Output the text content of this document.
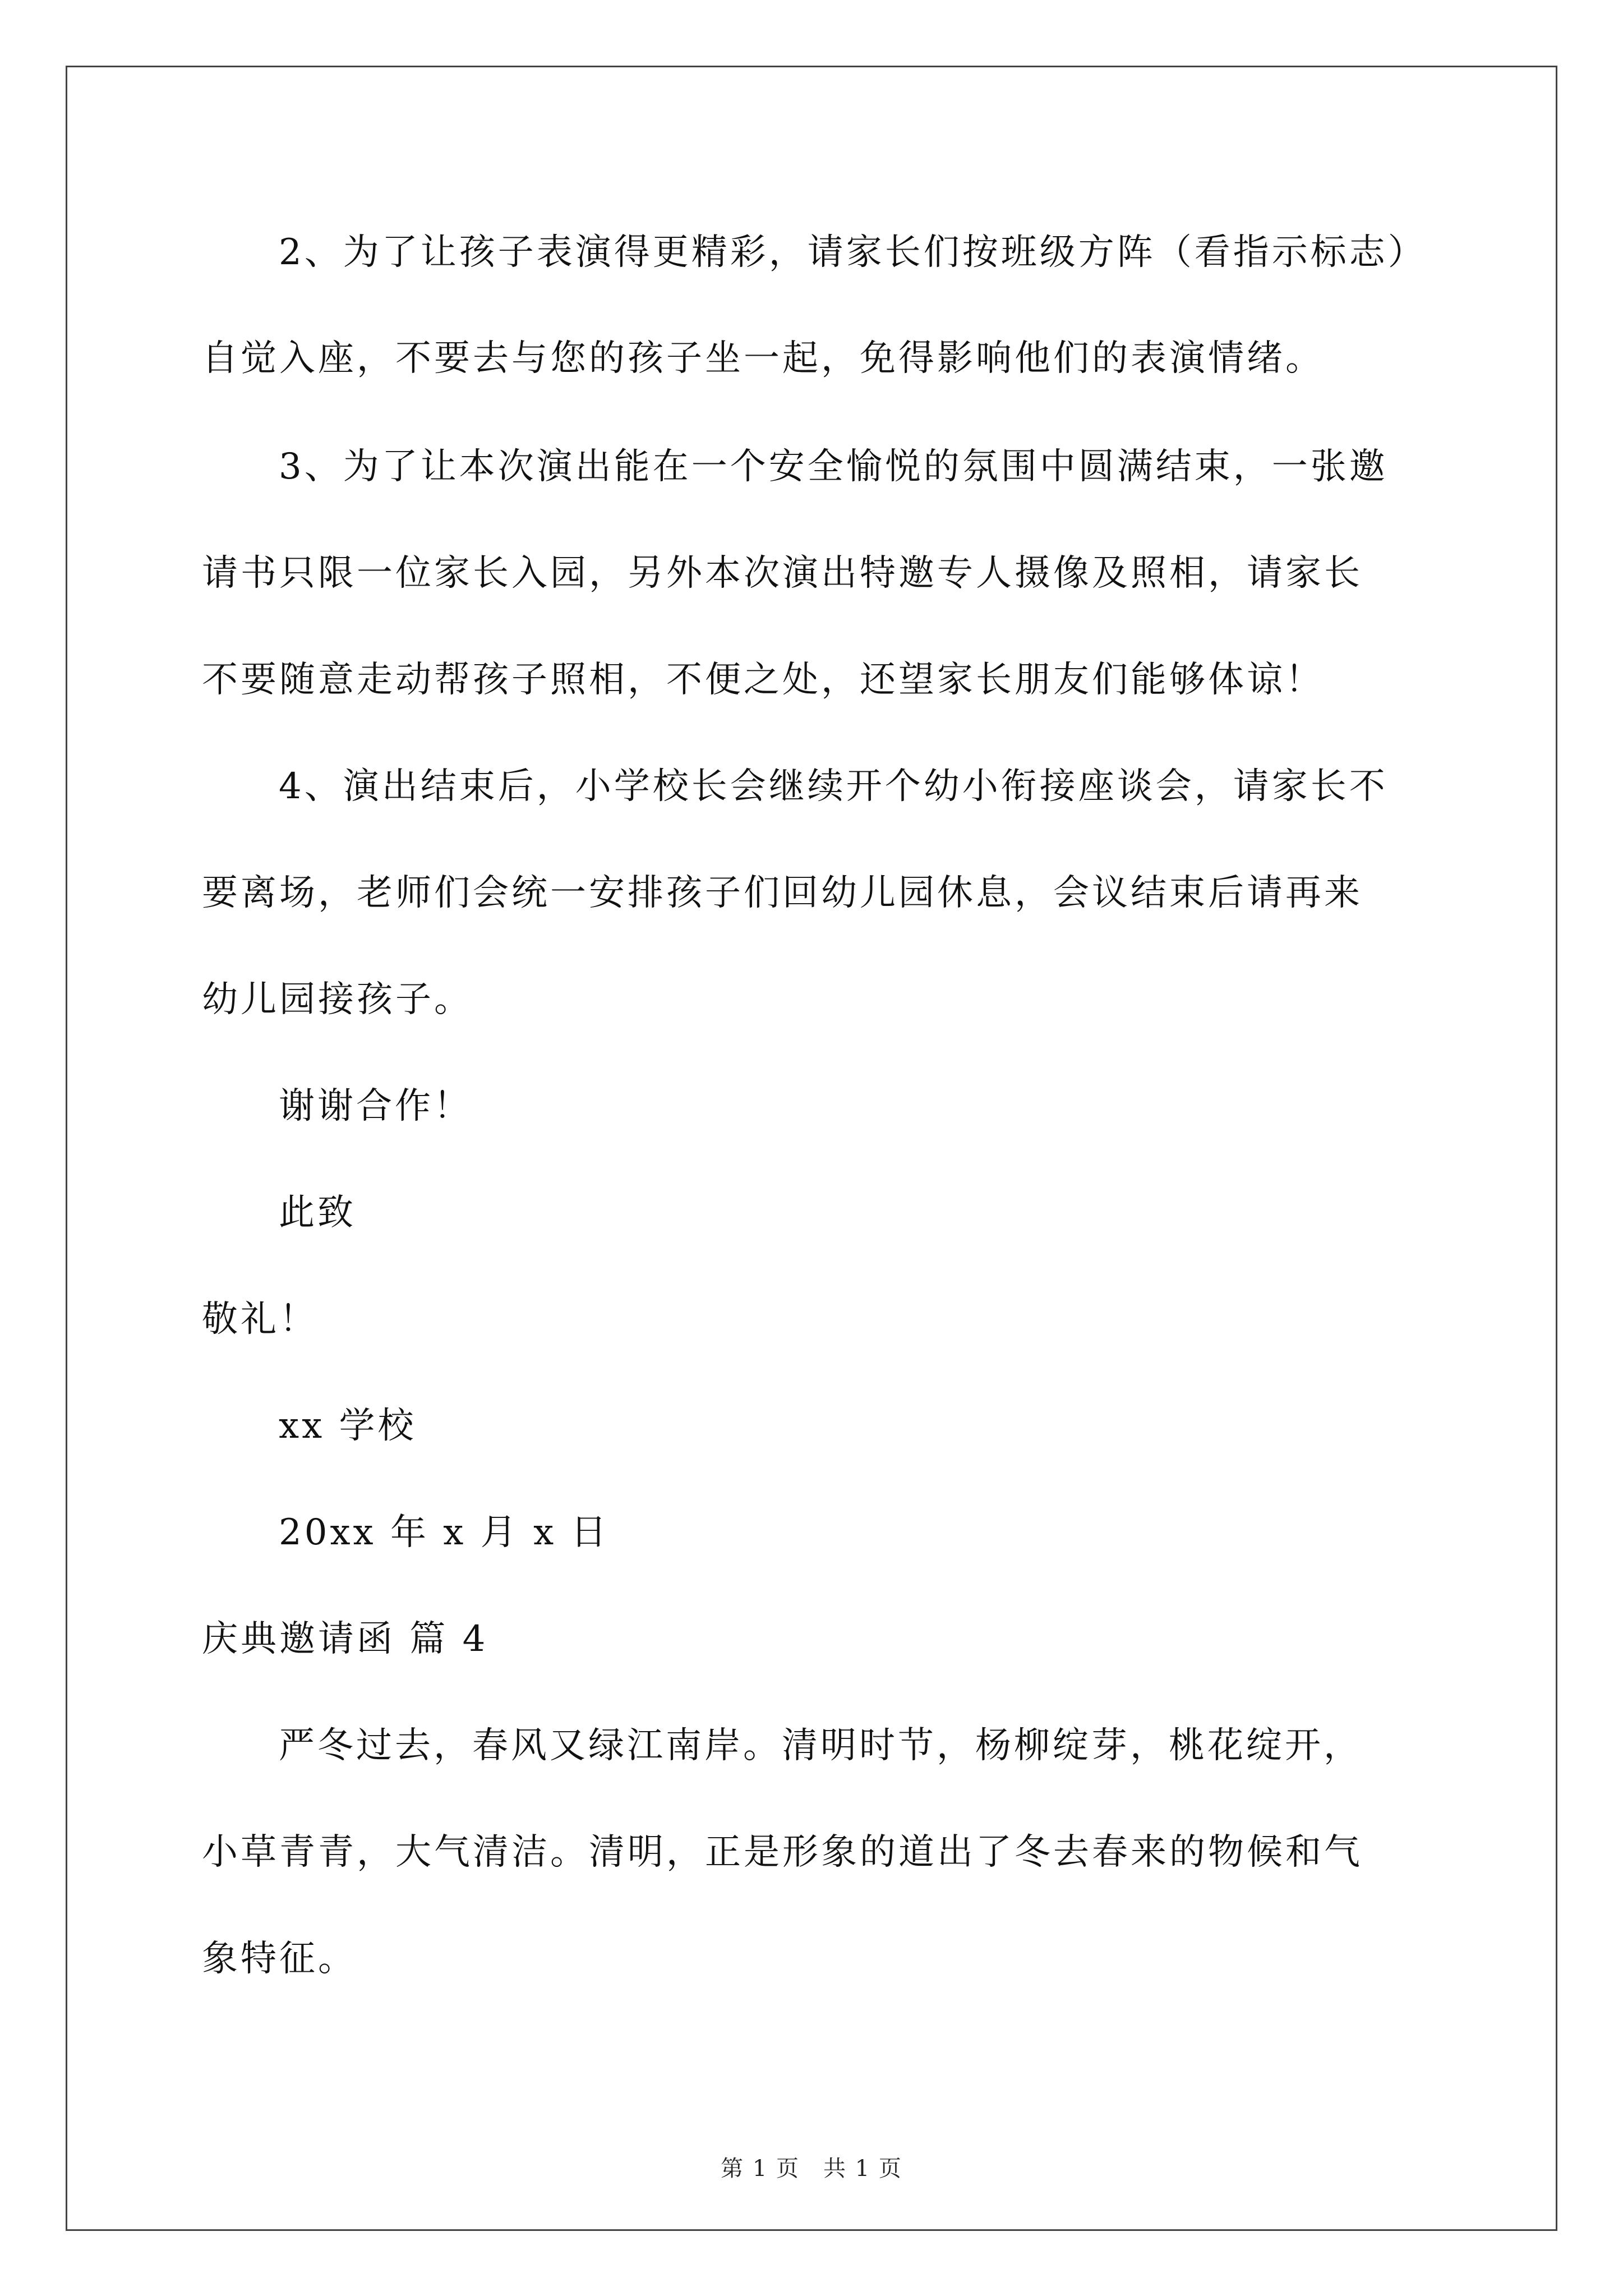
2、为了让孩子表演得更精彩，请家长们按班级方阵（看指示标志）
自觉入座，不要去与您的孩子坐一起，免得影响他们的表演情绪。
3、为了让本次演出能在一个安全愉悦的氛围中圆满结束，一张邀
请书只限一位家长入园，另外本次演出特邀专人摄像及照相，请家长
不要随意走动帮孩子照相，不便之处，还望家长朋友们能够体谅！
4、演出结束后，小学校长会继续开个幼小衔接座谈会，请家长不
要离场，老师们会统一安排孩子们回幼儿园休息，会议结束后请再来
幼儿园接孩子。
谢谢合作！
此致
敬礼！
xx 学校
20xx 年 x 月 x 日
庆典邀请函 篇 4
严冬过去，春风又绿江南岸。清明时节，杨柳绽芽，桃花绽开，
小草青青，大气清洁。清明，正是形象的道出了冬去春来的物候和气
象特征。
第 1 页　共 1 页
